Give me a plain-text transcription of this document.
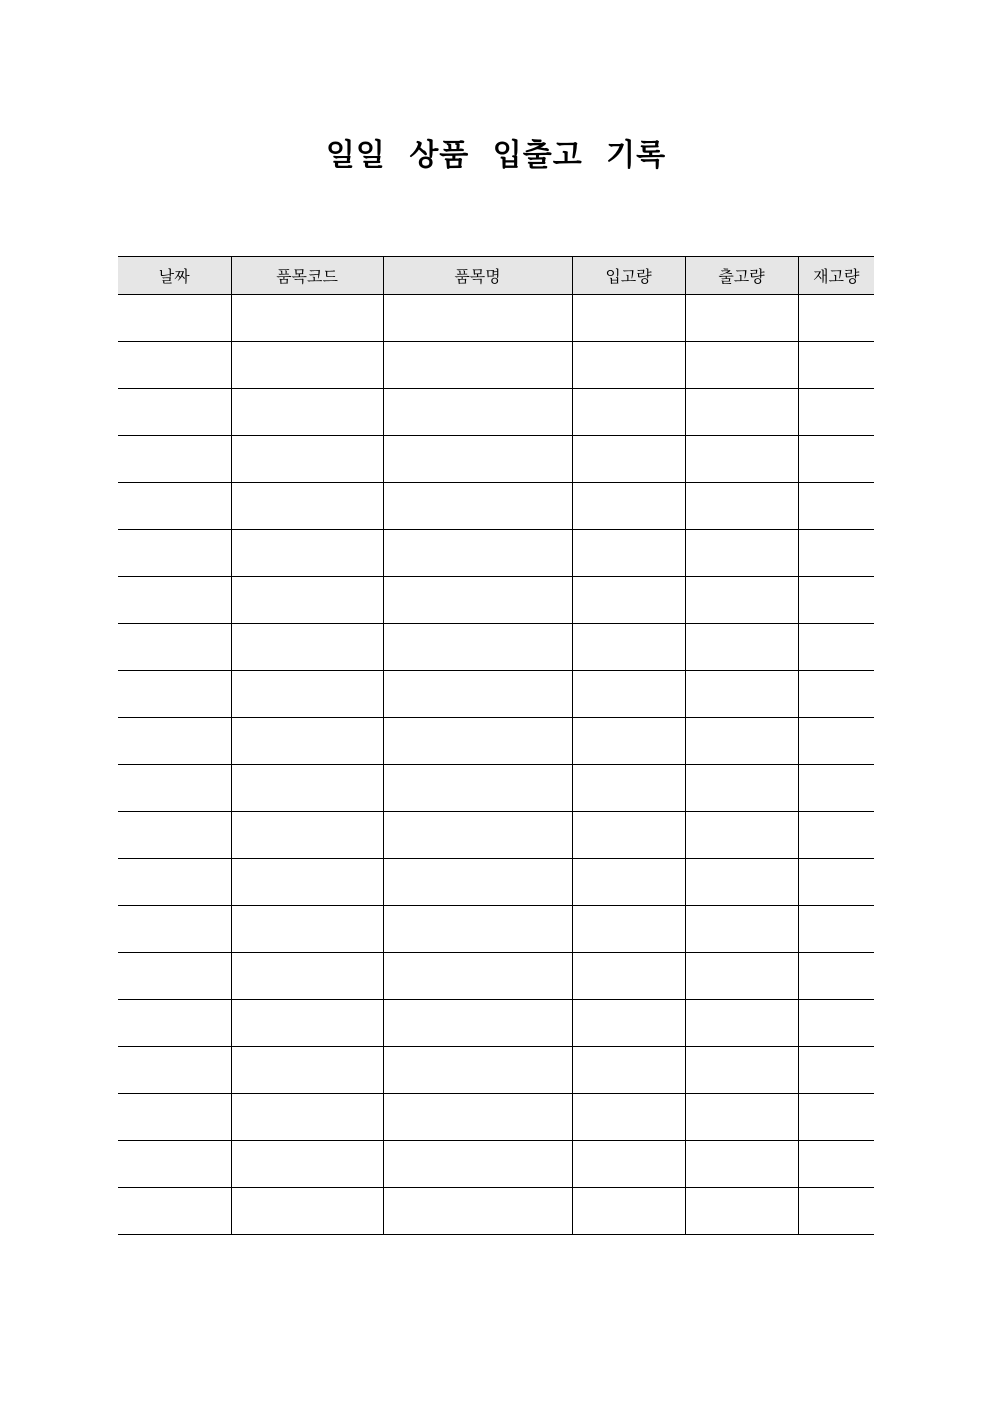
일일 상품 입출고 기록
날짜	품목코드	품목명	입고량	출고량	재고량
